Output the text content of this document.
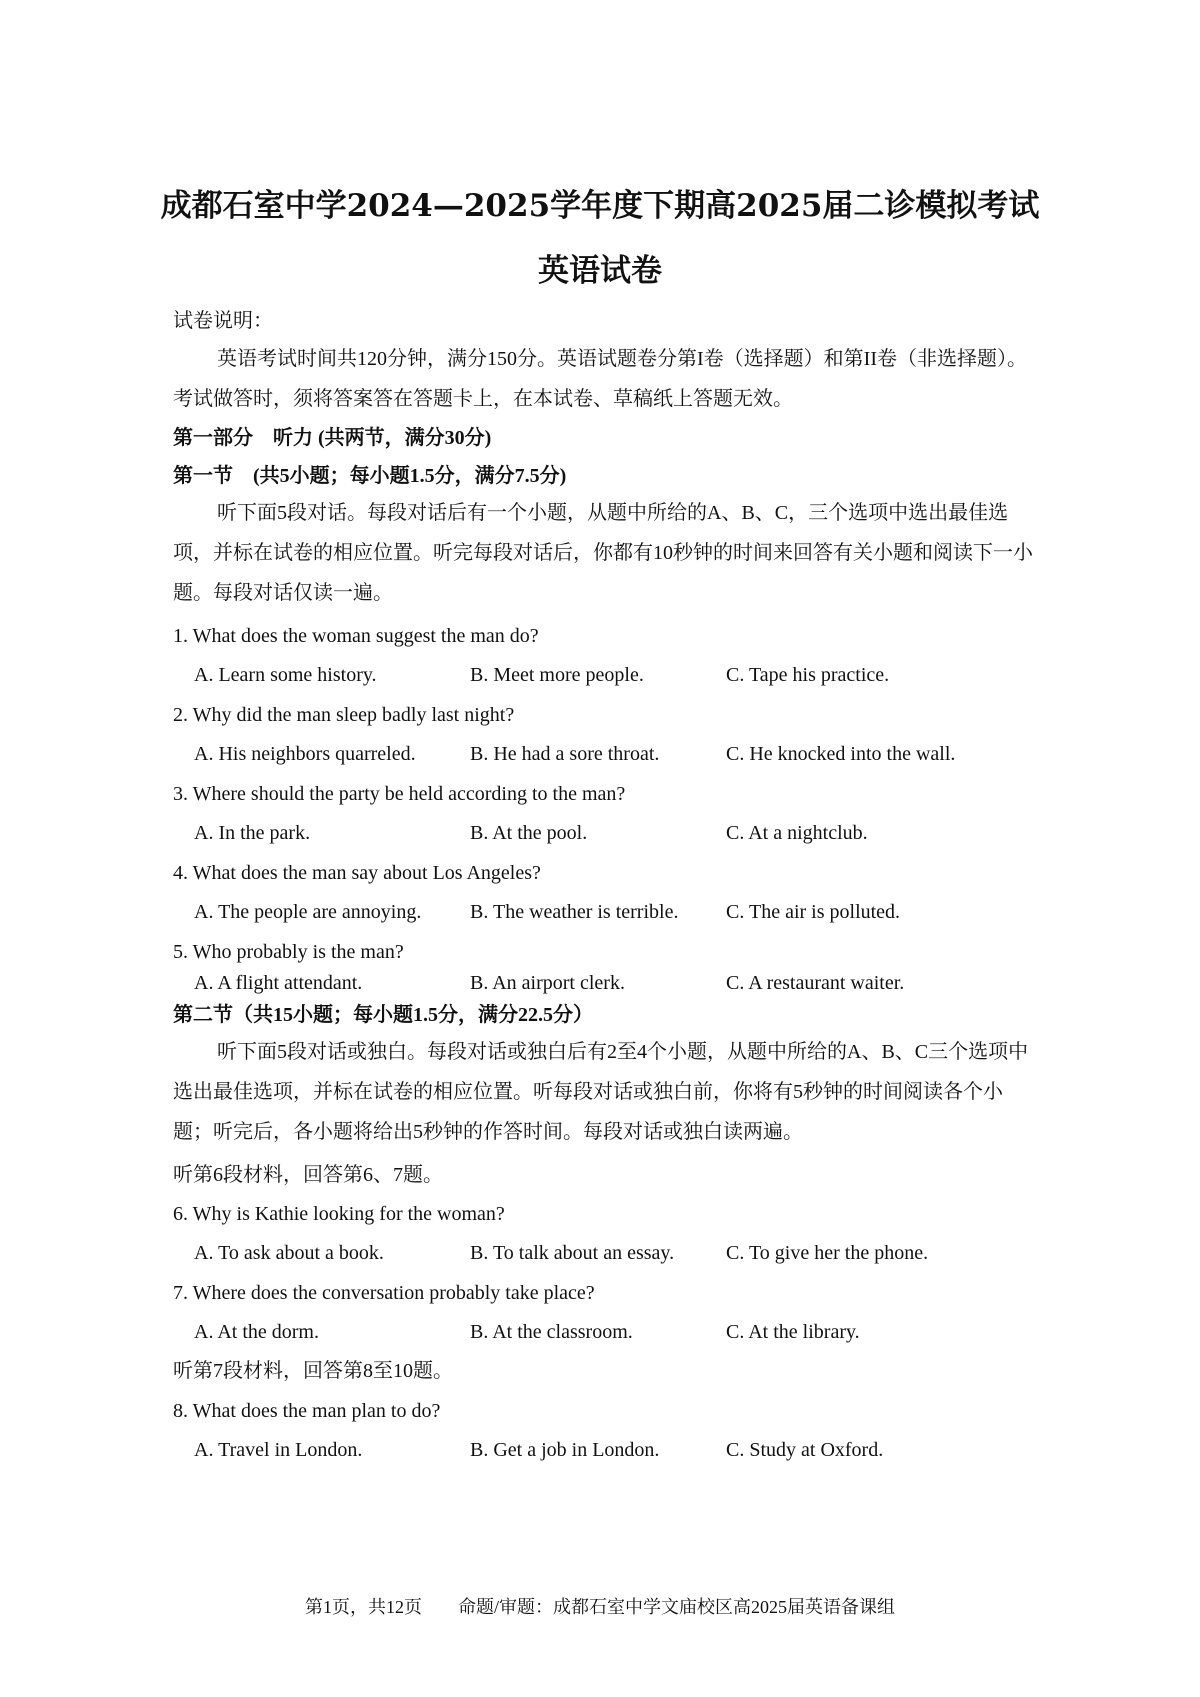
成都石室中学2024—2025学年度下期高2025届二诊模拟考试
英语试卷
试卷说明：
英语考试时间共120分钟，满分150分。英语试题卷分第I卷（选择题）和第II卷（非选择题）。考试做答时，须将答案答在答题卡上，在本试卷、草稿纸上答题无效。
第一部分　听力 (共两节，满分30分)
第一节　(共5小题；每小题1.5分，满分7.5分)
听下面5段对话。每段对话后有一个小题，从题中所给的A、B、C，三个选项中选出最佳选项，并标在试卷的相应位置。听完每段对话后，你都有10秒钟的时间来回答有关小题和阅读下一小题。每段对话仅读一遍。
1. What does the woman suggest the man do?
A. Learn some history.	B. Meet more people.	C. Tape his practice.
2. Why did the man sleep badly last night?
A. His neighbors quarreled.	B. He had a sore throat.	C. He knocked into the wall.
3. Where should the party be held according to the man?
A. In the park.	B. At the pool.	C. At a nightclub.
4. What does the man say about Los Angeles?
A. The people are annoying. B. The weather is terrible. C. The air is polluted.
5. Who probably is the man?
A. A flight attendant.	B. An airport clerk.	C. A restaurant waiter.
第二节（共15小题；每小题1.5分，满分22.5分）
听下面5段对话或独白。每段对话或独白后有2至4个小题，从题中所给的A、B、C三个选项中选出最佳选项，并标在试卷的相应位置。听每段对话或独白前，你将有5秒钟的时间阅读各个小题；听完后，各小题将给出5秒钟的作答时间。每段对话或独白读两遍。
听第6段材料，回答第6、7题。
6. Why is Kathie looking for the woman?
A. To ask about a book.	B. To talk about an essay.	C. To give her the phone.
7. Where does the conversation probably take place?
A. At the dorm.	B. At the classroom.	C. At the library.
听第7段材料，回答第8至10题。
8. What does the man plan to do?
A. Travel in London.	B. Get a job in London.	C. Study at Oxford.
第1页，共12页　　命题/审题：成都石室中学文庙校区高2025届英语备课组
